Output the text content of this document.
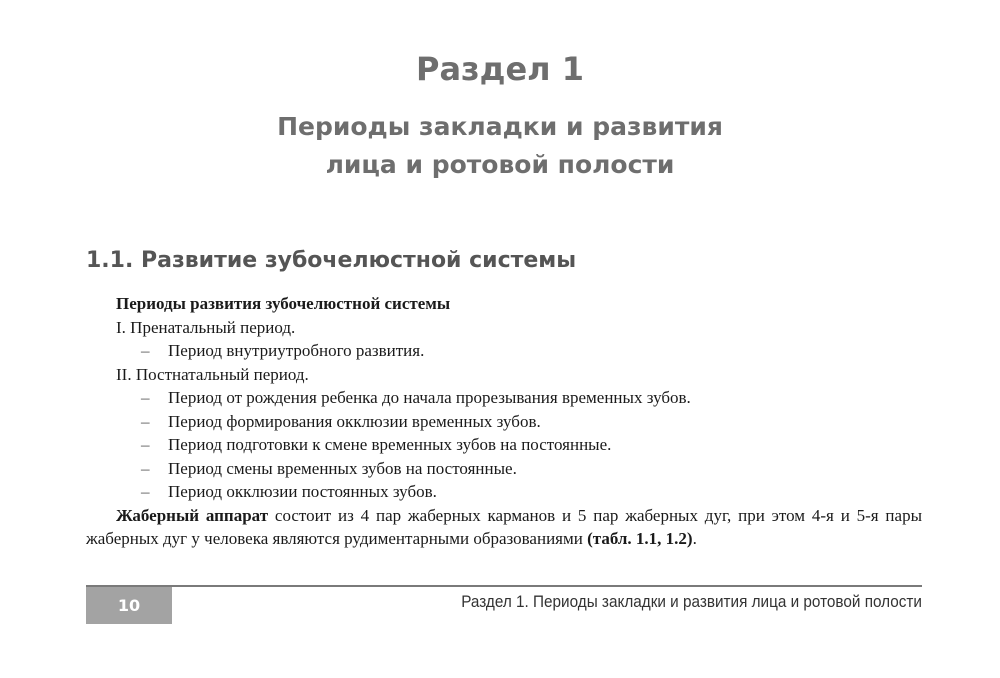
Раздел 1
Периоды закладки и развития
лица и ротовой полости
1.1. Развитие зубочелюстной системы
Периоды развития зубочелюстной системы
I. Пренатальный период.
– Период внутриутробного развития.
II. Постнатальный период.
– Период от рождения ребенка до начала прорезывания временных зубов.
– Период формирования окклюзии временных зубов.
– Период подготовки к смене временных зубов на постоянные.
– Период смены временных зубов на постоянные.
– Период окклюзии постоянных зубов.
Жаберный аппарат состоит из 4 пар жаберных карманов и 5 пар жаберных дуг, при этом 4-я и 5-я пары жаберных дуг у человека являются рудиментарными образованиями (табл. 1.1, 1.2).
10	Раздел 1. Периоды закладки и развития лица и ротовой полости
